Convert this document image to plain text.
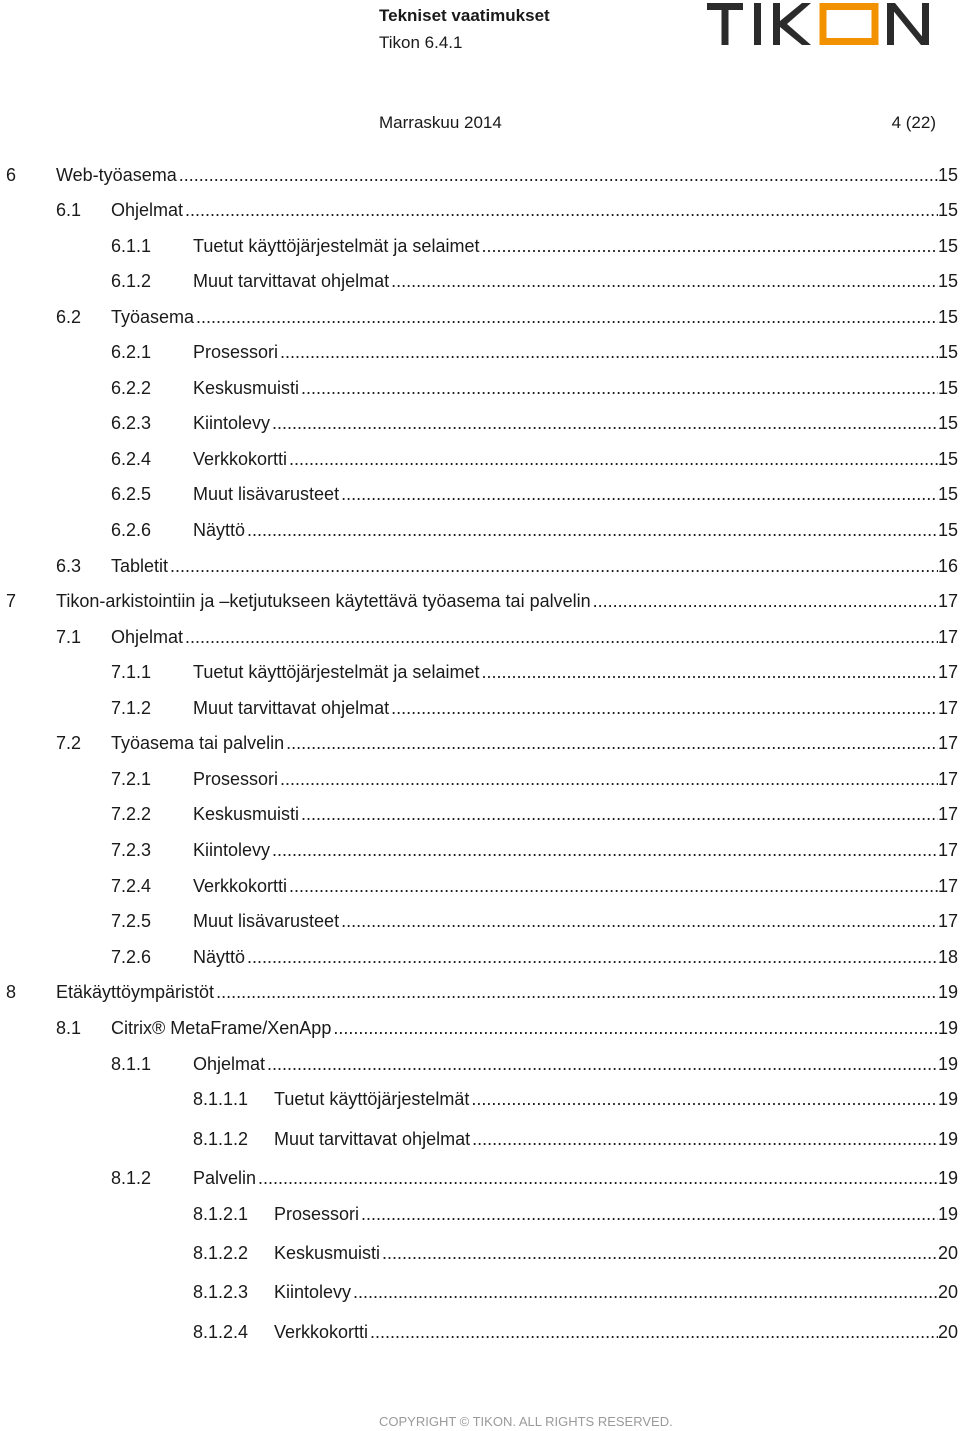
Tekniset vaatimukset
Tikon 6.4.1
Marraskuu 2014	4 (22)
6	Web-työasema .....	15
6.1	Ohjelmat .....	15
6.1.1	Tuetut käyttöjärjestelmät ja selaimet .....	15
6.1.2	Muut tarvittavat ohjelmat .....	15
6.2	Työasema .....	15
6.2.1	Prosessori .....	15
6.2.2	Keskusmuisti .....	15
6.2.3	Kiintolevy .....	15
6.2.4	Verkkokortti .....	15
6.2.5	Muut lisävarusteet .....	15
6.2.6	Näyttö .....	15
6.3	Tabletit .....	16
7	Tikon-arkistointiin ja –ketjutukseen käytettävä työasema tai palvelin .....	17
7.1	Ohjelmat .....	17
7.1.1	Tuetut käyttöjärjestelmät ja selaimet .....	17
7.1.2	Muut tarvittavat ohjelmat .....	17
7.2	Työasema tai palvelin .....	17
7.2.1	Prosessori .....	17
7.2.2	Keskusmuisti .....	17
7.2.3	Kiintolevy .....	17
7.2.4	Verkkokortti .....	17
7.2.5	Muut lisävarusteet .....	17
7.2.6	Näyttö .....	18
8	Etäkäyttöympäristöt .....	19
8.1	Citrix® MetaFrame/XenApp .....	19
8.1.1	Ohjelmat .....	19
8.1.1.1	Tuetut käyttöjärjestelmät .....	19
8.1.1.2	Muut tarvittavat ohjelmat .....	19
8.1.2	Palvelin .....	19
8.1.2.1	Prosessori .....	19
8.1.2.2	Keskusmuisti .....	20
8.1.2.3	Kiintolevy .....	20
8.1.2.4	Verkkokortti .....	20
COPYRIGHT © TIKON. ALL RIGHTS RESERVED.
